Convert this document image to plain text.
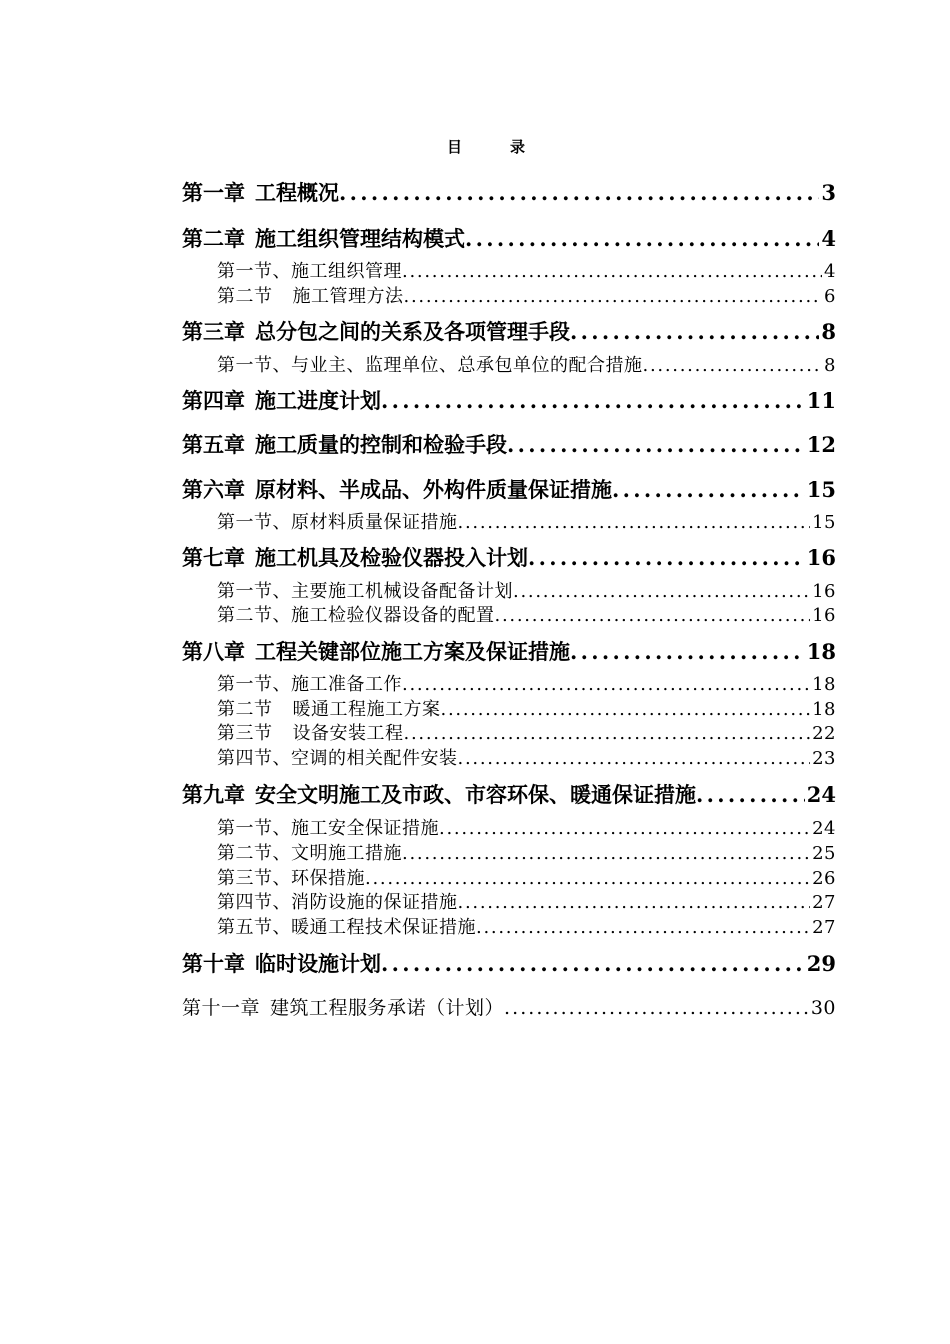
目录
第一章 工程概况 . . .	3
第二章 施工组织管理结构模式 . . .	4
第一节、施工组织管理 . . .	4
第二节 施工管理方法 . . .	6
第三章 总分包之间的关系及各项管理手段 . . .	8
第一节、与业主、监理单位、总承包单位的配合措施 . . .	8
第四章 施工进度计划 . . .	11
第五章 施工质量的控制和检验手段 . . .	12
第六章 原材料、半成品、外构件质量保证措施 . . .	15
第一节、原材料质量保证措施 . . .	15
第七章 施工机具及检验仪器投入计划 . . .	16
第一节、主要施工机械设备配备计划 . . .	16
第二节、施工检验仪器设备的配置 . . .	16
第八章 工程关键部位施工方案及保证措施 . . .	18
第一节、施工准备工作 . . .	18
第二节 暖通工程施工方案 . . .	18
第三节 设备安装工程 . . .	22
第四节、空调的相关配件安装 . . .	23
第九章 安全文明施工及市政、市容环保、暖通保证措施 . . .	24
第一节、施工安全保证措施 . . .	24
第二节、文明施工措施 . . .	25
第三节、环保措施 . . .	26
第四节、消防设施的保证措施 . . .	27
第五节、暖通工程技术保证措施 . . .	27
第十章 临时设施计划 . . .	29
第十一章 建筑工程服务承诺（计划） . . .	30
